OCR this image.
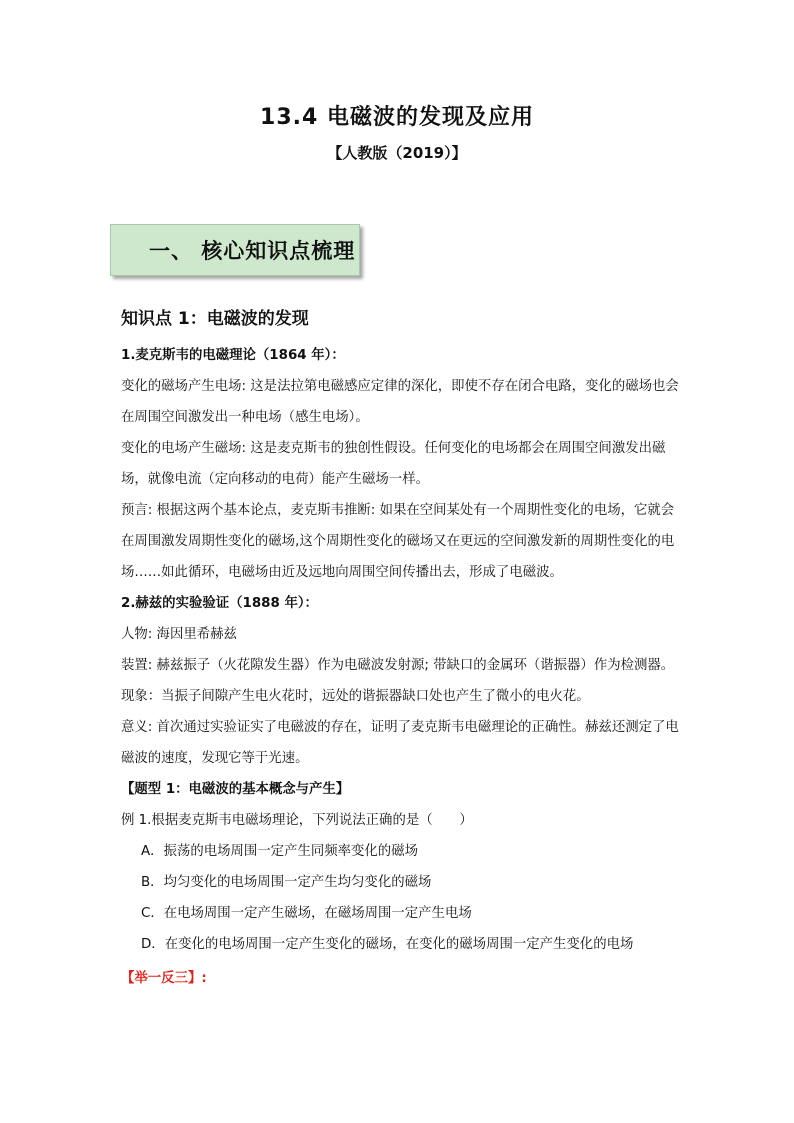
13.4 电磁波的发现及应用
【人教版（2019）】
一、 核心知识点梳理
知识点 1：电磁波的发现

1.麦克斯韦的电磁理论（1864 年）：

变化的磁场产生电场: 这是法拉第电磁感应定律的深化，即使不存在闭合电路，变化的磁场也会在周围空间激发出一种电场（感生电场）。

变化的电场产生磁场: 这是麦克斯韦的独创性假设。任何变化的电场都会在周围空间激发出磁场，就像电流（定向移动的电荷）能产生磁场一样。

预言: 根据这两个基本论点，麦克斯韦推断: 如果在空间某处有一个周期性变化的电场，它就会在周围激发周期性变化的磁场,这个周期性变化的磁场又在更远的空间激发新的周期性变化的电场……如此循环，电磁场由近及远地向周围空间传播出去，形成了电磁波。

2.赫兹的实验验证（1888 年）：

人物: 海因里希赫兹

装置: 赫兹振子（火花隙发生器）作为电磁波发射源; 带缺口的金属环（谐振器）作为检测器。

现象：当振子间隙产生电火花时，远处的谐振器缺口处也产生了微小的电火花。

意义: 首次通过实验证实了电磁波的存在，证明了麦克斯韦电磁理论的正确性。赫兹还测定了电磁波的速度，发现它等于光速。

【题型 1：电磁波的基本概念与产生】

例 1.根据麦克斯韦电磁场理论，下列说法正确的是（　　）

A．振荡的电场周围一定产生同频率变化的磁场

B．均匀变化的电场周围一定产生均匀变化的磁场

C．在电场周围一定产生磁场，在磁场周围一定产生电场

D．在变化的电场周围一定产生变化的磁场，在变化的磁场周围一定产生变化的电场

【举一反三】:
